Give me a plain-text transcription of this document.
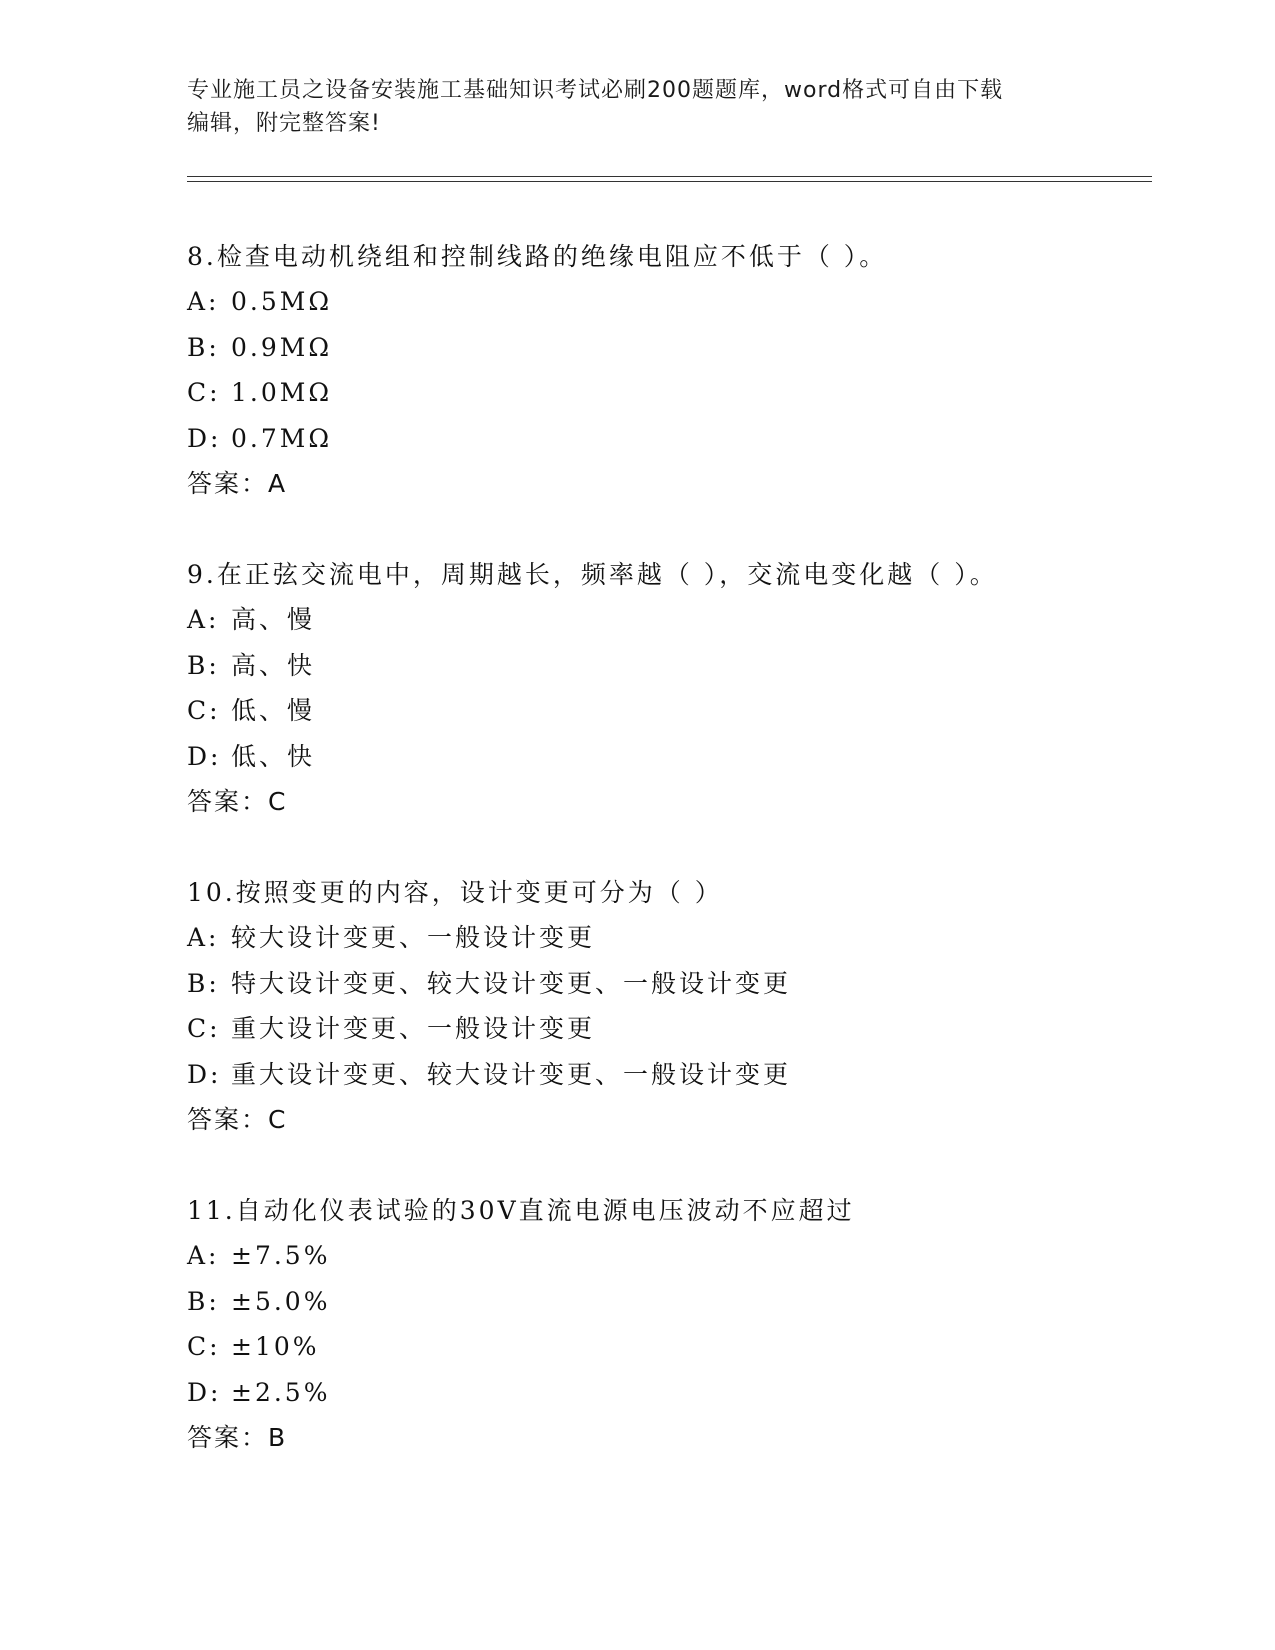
专业施工员之设备安装施工基础知识考试必刷200题题库，word格式可自由下载
编辑，附完整答案!
8.检查电动机绕组和控制线路的绝缘电阻应不低于（ ）。
A: 0.5MΩ
B: 0.9MΩ
C: 1.0MΩ
D: 0.7MΩ
答案：A
9.在正弦交流电中，周期越长，频率越（ ），交流电变化越（ ）。
A: 高、慢
B: 高、快
C: 低、慢
D: 低、快
答案：C
10.按照变更的内容，设计变更可分为（ ）
A: 较大设计变更、一般设计变更
B: 特大设计变更、较大设计变更、一般设计变更
C: 重大设计变更、一般设计变更
D: 重大设计变更、较大设计变更、一般设计变更
答案：C
11.自动化仪表试验的30V直流电源电压波动不应超过
A: ±7.5%
B: ±5.0%
C: ±10%
D: ±2.5%
答案：B
